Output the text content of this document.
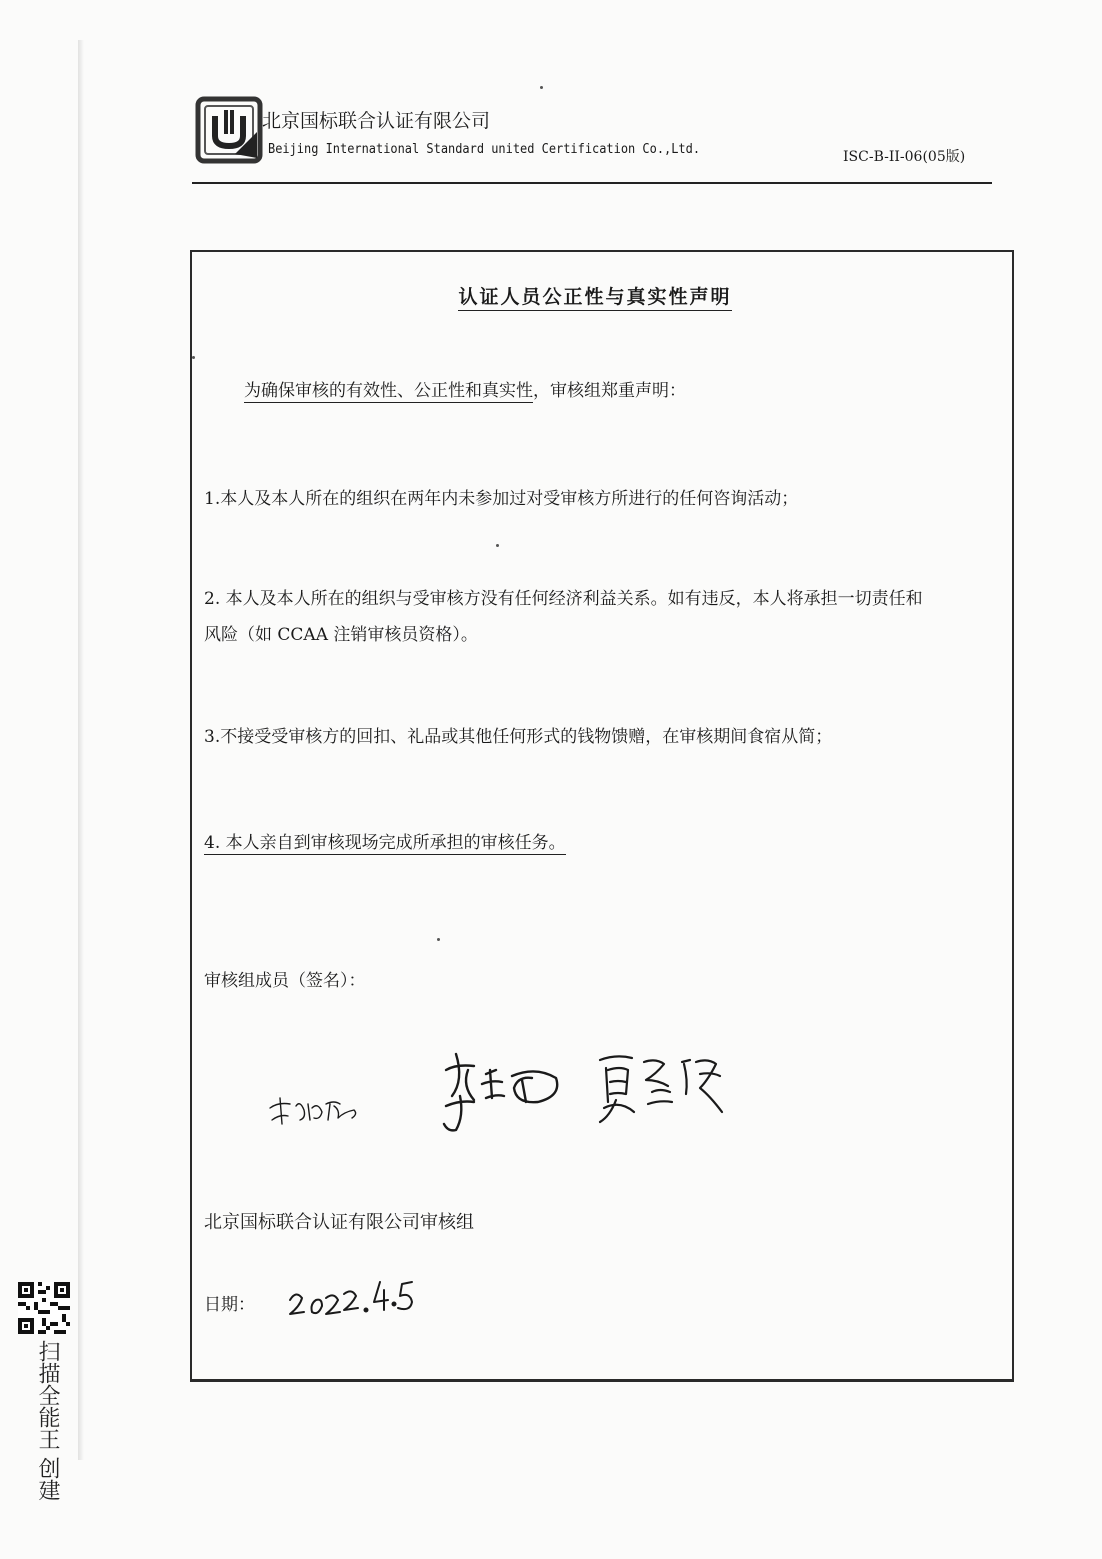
北京国标联合认证有限公司
Beijing International Standard united Certification Co.,Ltd.	ISC-B-II-06(05版)
认证人员公正性与真实性声明
为确保审核的有效性、公正性和真实性，审核组郑重声明：
1.本人及本人所在的组织在两年内未参加过对受审核方所进行的任何咨询活动；
2. 本人及本人所在的组织与受审核方没有任何经济利益关系。如有违反，本人将承担一切责任和
风险（如 CCAA 注销审核员资格）。
3.不接受受审核方的回扣、礼品或其他任何形式的钱物馈赠，在审核期间食宿从简；
4. 本人亲自到审核现场完成所承担的审核任务。
审核组成员（签名）：
北京国标联合认证有限公司审核组
日期：
扫描全能王 创建
